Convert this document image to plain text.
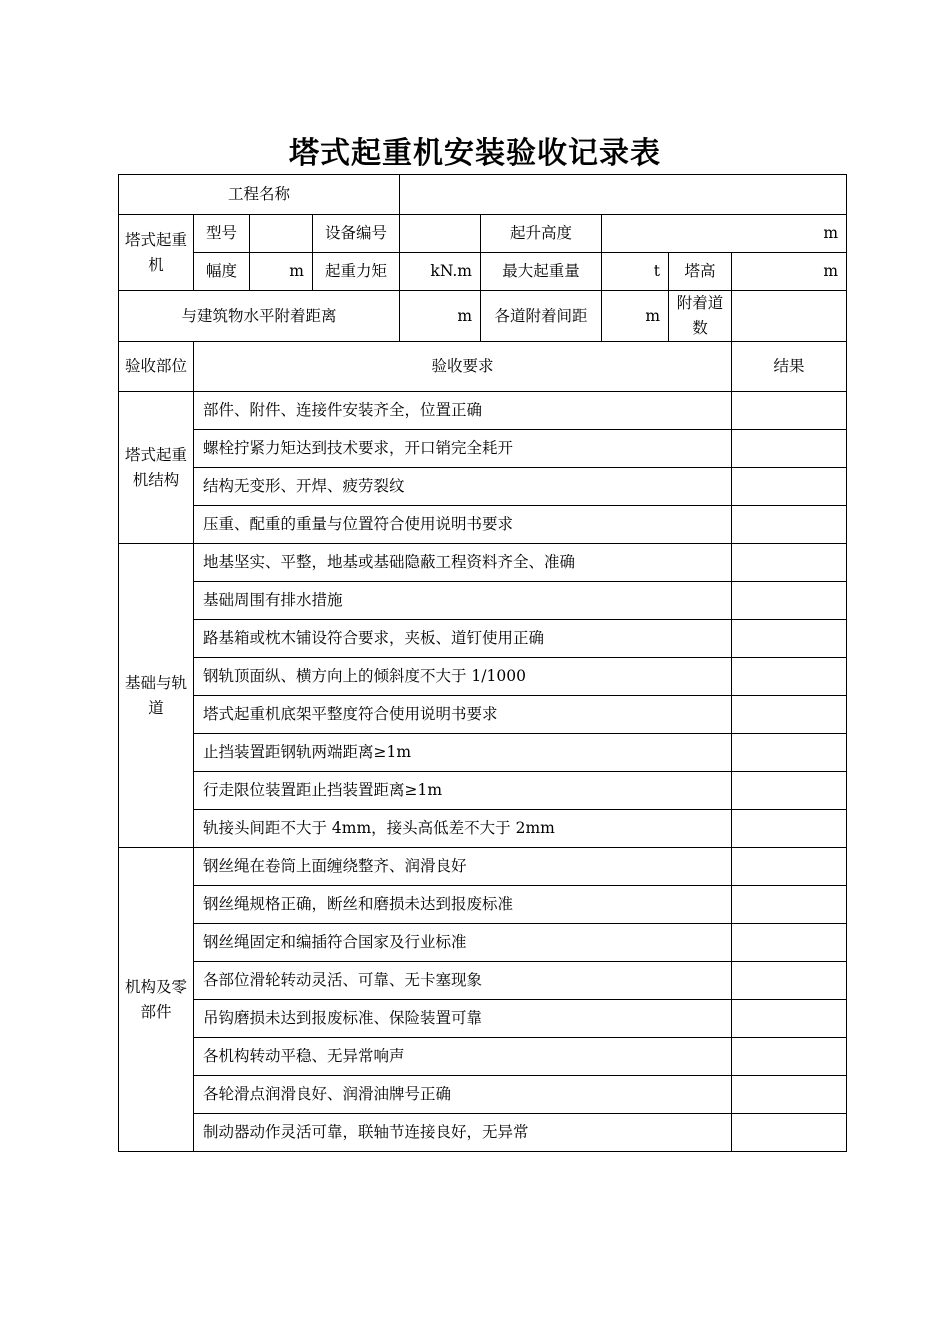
塔式起重机安装验收记录表
工程名称								
塔式起重机	型号		设备编号		起升高度	m		
	幅度	m	起重力矩	kN.m	最大起重量	t	塔高	m
与建筑物水平附着距离				m	各道附着间距	m	附着道数	
验收部位	验收要求							结果
塔式起重机结构	部件、附件、连接件安装齐全，位置正确							
	螺栓拧紧力矩达到技术要求，开口销完全耗开							
	结构无变形、开焊、疲劳裂纹							
	压重、配重的重量与位置符合使用说明书要求							
基础与轨道	地基坚实、平整，地基或基础隐蔽工程资料齐全、准确							
	基础周围有排水措施							
	路基箱或枕木铺设符合要求，夹板、道钉使用正确							
	钢轨顶面纵、横方向上的倾斜度不大于 1/1000							
	塔式起重机底架平整度符合使用说明书要求							
	止挡装置距钢轨两端距离≥1m							
	行走限位装置距止挡装置距离≥1m							
	轨接头间距不大于 4mm，接头高低差不大于 2mm							
机构及零部件	钢丝绳在卷筒上面缠绕整齐、润滑良好							
	钢丝绳规格正确，断丝和磨损未达到报废标准							
	钢丝绳固定和编插符合国家及行业标准							
	各部位滑轮转动灵活、可靠、无卡塞现象							
	吊钩磨损未达到报废标准、保险装置可靠							
	各机构转动平稳、无异常响声							
	各轮滑点润滑良好、润滑油牌号正确							
	制动器动作灵活可靠，联轴节连接良好，无异常							
